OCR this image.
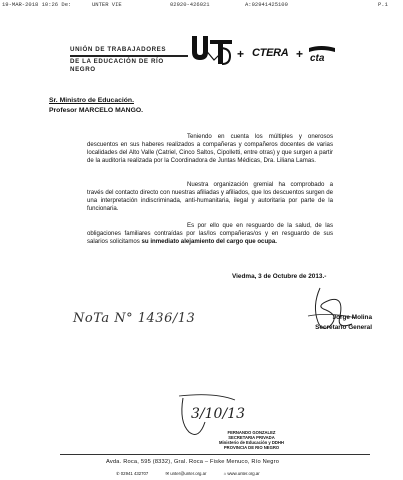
19-MAR-2018 10:26 De:	UNTER VIE	02920-426021	A:02941425100	P.1
UNIÓN DE TRABAJADORES
DE LA EDUCACIÓN DE RÍO NEGRO
+ CTERA + cta
Sr. Ministro de Educación.
Profesor MARCELO MANGO.
Teniendo en cuenta los múltiples y onerosos descuentos en sus haberes realizados a compañeras y compañeros docentes de varias localidades del Alto Valle (Catriel, Cinco Saltos, Cipolletti, entre otras) y que surgen a partir de la auditoría realizada por la Coordinadora de Juntas Médicas, Dra. Liliana Lamas.
Nuestra organización gremial ha comprobado a través del contacto directo con nuestras afiliadas y afiliados, que los descuentos surgen de una interpretación indiscriminada, anti-humanitaria, ilegal y autoritaria por parte de la funcionaria.
Es por ello que en resguardo de la salud, de las obligaciones familiares contraídas por las/los compañeras/os y en resguardo de sus salarios solicitamos su inmediato alejamiento del cargo que ocupa.
Viedma, 3 de Octubre de 2013.-
Jorge Molina
Secretario General
NoTa N° 1436/13
3/10/13
FERNANDO GONZALEZ
SECRETARIA PRIVADA
Ministerio de Educación y DDHH
PROVINCIA DE RIO NEGRO
Avda. Roca, 595 (8332), Gral. Roca – Fiske Menuco, Río Negro
✆ 02941 432707	✉ unter@unter.org.ar	⌂ www.unter.org.ar
